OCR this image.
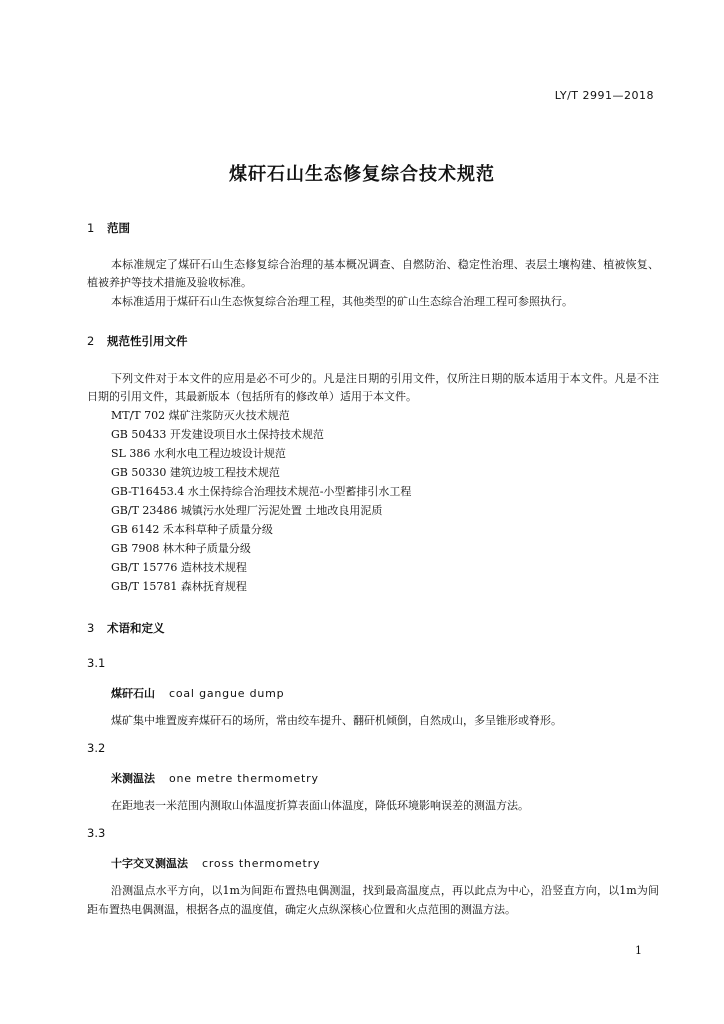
LY/T 2991—2018
煤矸石山生态修复综合技术规范
1 范围
本标准规定了煤矸石山生态修复综合治理的基本概况调查、自燃防治、稳定性治理、表层土壤构建、植被恢复、植被养护等技术措施及验收标准。
本标准适用于煤矸石山生态恢复综合治理工程，其他类型的矿山生态综合治理工程可参照执行。
2 规范性引用文件
下列文件对于本文件的应用是必不可少的。凡是注日期的引用文件，仅所注日期的版本适用于本文件。凡是不注日期的引用文件，其最新版本（包括所有的修改单）适用于本文件。
MT/T 702 煤矿注浆防灭火技术规范
GB 50433 开发建设项目水土保持技术规范
SL 386 水利水电工程边坡设计规范
GB 50330 建筑边坡工程技术规范
GB-T16453.4 水土保持综合治理技术规范-小型蓄排引水工程
GB/T 23486 城镇污水处理厂污泥处置 土地改良用泥质
GB 6142 禾本科草种子质量分级
GB 7908 林木种子质量分级
GB/T 15776 造林技术规程
GB/T 15781 森林抚育规程
3 术语和定义
3.1
煤矸石山 coal gangue dump
煤矿集中堆置废弃煤矸石的场所，常由绞车提升、翻矸机倾倒，自然成山，多呈锥形或脊形。
3.2
米测温法 one metre thermometry
在距地表一米范围内测取山体温度折算表面山体温度，降低环境影响误差的测温方法。
3.3
十字交叉测温法 cross thermometry
沿测温点水平方向，以1m为间距布置热电偶测温，找到最高温度点，再以此点为中心，沿竖直方向，以1m为间距布置热电偶测温，根据各点的温度值，确定火点纵深核心位置和火点范围的测温方法。
1
